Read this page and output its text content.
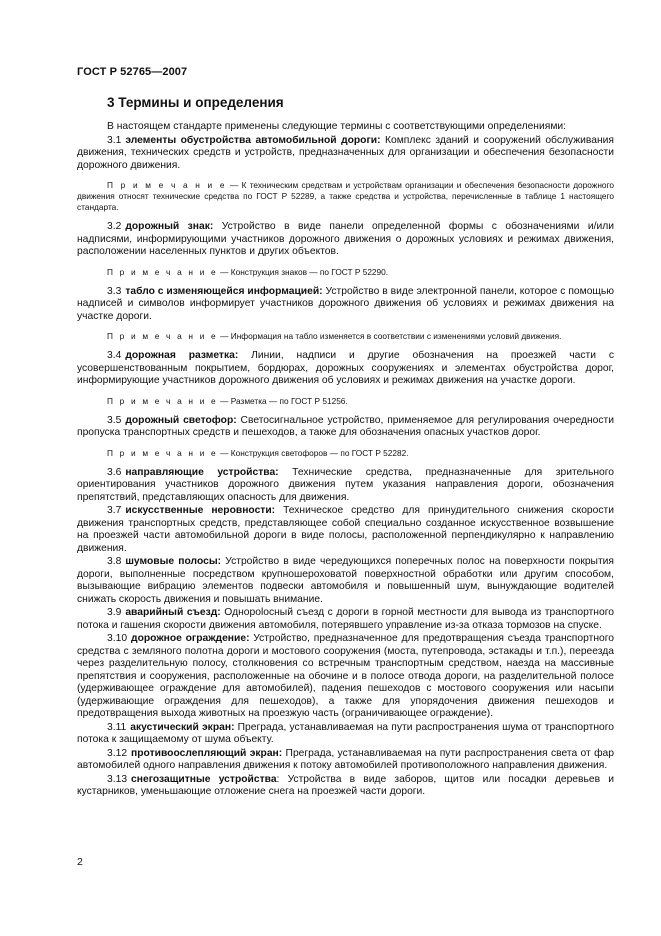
ГОСТ Р 52765—2007
3 Термины и определения

В настоящем стандарте применены следующие термины с соответствующими определениями:

3.1 элементы обустройства автомобильной дороги: Комплекс зданий и сооружений обслуживания движения, технических средств и устройств, предназначенных для организации и обеспечения безопасности дорожного движения.

П р и м е ч а н и е — К техническим средствам и устройствам организации и обеспечения безопасности дорожного движения относят технические средства по ГОСТ Р 52289, а также средства и устройства, перечисленные в таблице 1 настоящего стандарта.

3.2 дорожный знак: Устройство в виде панели определенной формы с обозначениями и/или надписями, информирующими участников дорожного движения о дорожных условиях и режимах движения, расположении населенных пунктов и других объектов.

П р и м е ч а н и е — Конструкция знаков — по ГОСТ Р 52290.

3.3 табло с изменяющейся информацией: Устройство в виде электронной панели, которое с помощью надписей и символов информирует участников дорожного движения об условиях и режимах движения на участке дороги.

П р и м е ч а н и е — Информация на табло изменяется в соответствии с изменениями условий движения.

3.4 дорожная разметка: Линии, надписи и другие обозначения на проезжей части с усовершенствованным покрытием, бордюрах, дорожных сооружениях и элементах обустройства дорог, информирующие участников дорожного движения об условиях и режимах движения на участке дороги.

П р и м е ч а н и е — Разметка — по ГОСТ Р 51256.

3.5 дорожный светофор: Светосигнальное устройство, применяемое для регулирования очередности пропуска транспортных средств и пешеходов, а также для обозначения опасных участков дорог.

П р и м е ч а н и е — Конструкция светофоров — по ГОСТ Р 52282.

3.6 направляющие устройства: Технические средства, предназначенные для зрительного ориентирования участников дорожного движения путем указания направления дороги, обозначения препятствий, представляющих опасность для движения.

3.7 искусственные неровности: Техническое средство для принудительного снижения скорости движения транспортных средств, представляющее собой специально созданное искусственное возвышение на проезжей части автомобильной дороги в виде полосы, расположенной перпендикулярно к направлению движения.

3.8 шумовые полосы: Устройство в виде чередующихся поперечных полос на поверхности покрытия дороги, выполненные посредством крупношероховатой поверхностной обработки или другим способом, вызывающие вибрацию элементов подвески автомобиля и повышенный шум, вынуждающие водителей снижать скорость движения и повышать внимание.

3.9 аварийный съезд: Одноpolосный съезд с дороги в горной местности для вывода из транспортного потока и гашения скорости движения автомобиля, потерявшего управление из-за отказа тормозов на спуске.

3.10 дорожное ограждение: Устройство, предназначенное для предотвращения съезда транспортного средства с земляного полотна дороги и мостового сооружения (моста, путепровода, эстакады и т.п.), переезда через разделительную полосу, столкновения со встречным транспортным средством, наезда на массивные препятствия и сооружения, расположенные на обочине и в полосе отвода дороги, на разделительной полосе (удерживающее ограждение для автомобилей), падения пешеходов с мостового сооружения или насыпи (удерживающие ограждения для пешеходов), а также для упорядочения движения пешеходов и предотвращения выхода животных на проезжую часть (ограничивающее ограждение).

3.11 акустический экран: Преграда, устанавливаемая на пути распространения шума от транспортного потока к защищаемому от шума объекту.

3.12 противоослепляющий экран: Преграда, устанавливаемая на пути распространения света от фар автомобилей одного направления движения к потоку автомобилей противоположного направления движения.

3.13 снегозащитные устройства: Устройства в виде заборов, щитов или посадки деревьев и кустарников, уменьшающие отложение снега на проезжей части дороги.

2
